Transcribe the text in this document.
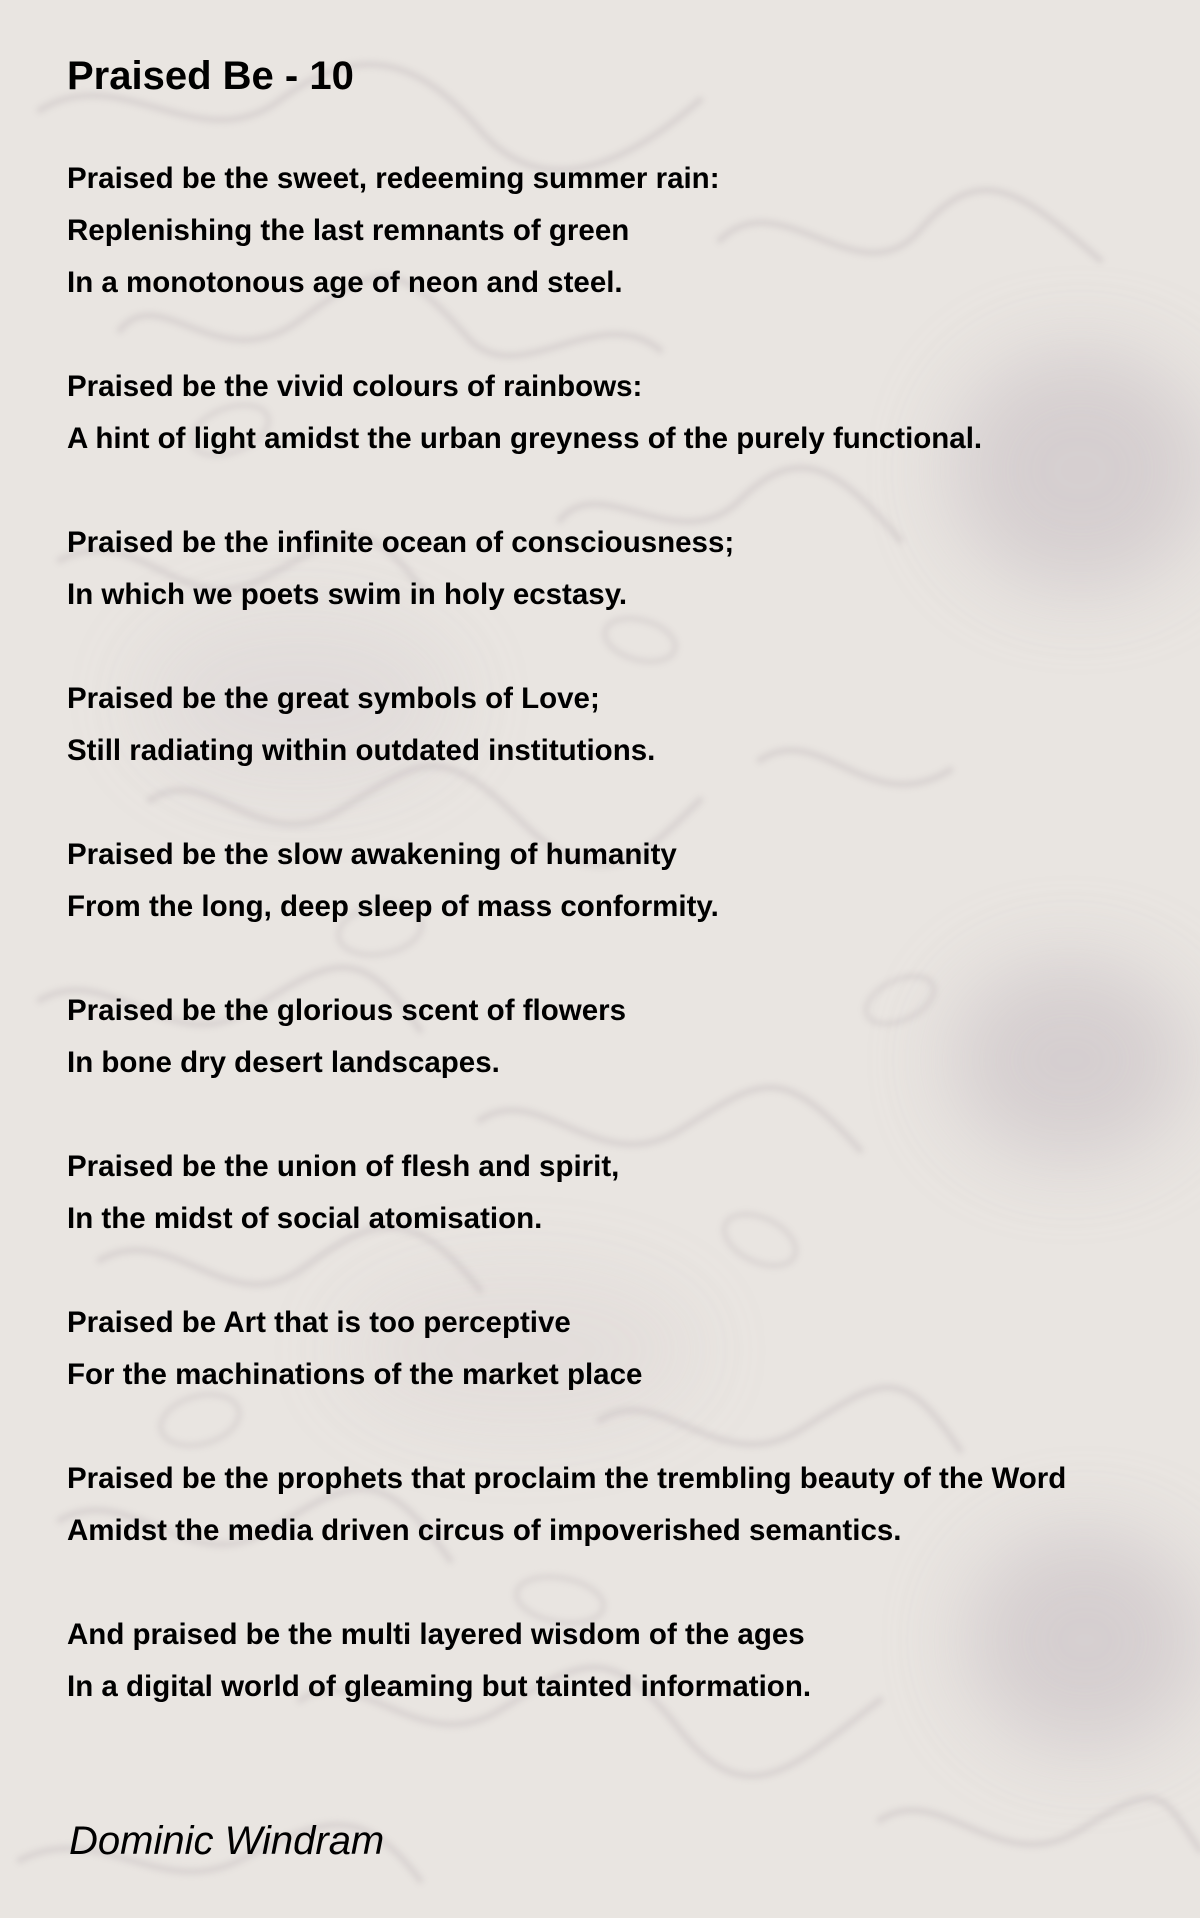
Praised Be - 10

Praised be the sweet, redeeming summer rain:
Replenishing the last remnants of green
In a monotonous age of neon and steel.

Praised be the vivid colours of rainbows:
A hint of light amidst the urban greyness of the purely functional.

Praised be the infinite ocean of consciousness;
In which we poets swim in holy ecstasy.

Praised be the great symbols of Love;
Still radiating within outdated institutions.

Praised be the slow awakening of humanity
From the long, deep sleep of mass conformity.

Praised be the glorious scent of flowers
In bone dry desert landscapes.

Praised be the union of flesh and spirit,
In the midst of social atomisation.

Praised be Art that is too perceptive
For the machinations of the market place

Praised be the prophets that proclaim the trembling beauty of the Word
Amidst the media driven circus of impoverished semantics.

And praised be the multi layered wisdom of the ages
In a digital world of gleaming but tainted information.

Dominic Windram
